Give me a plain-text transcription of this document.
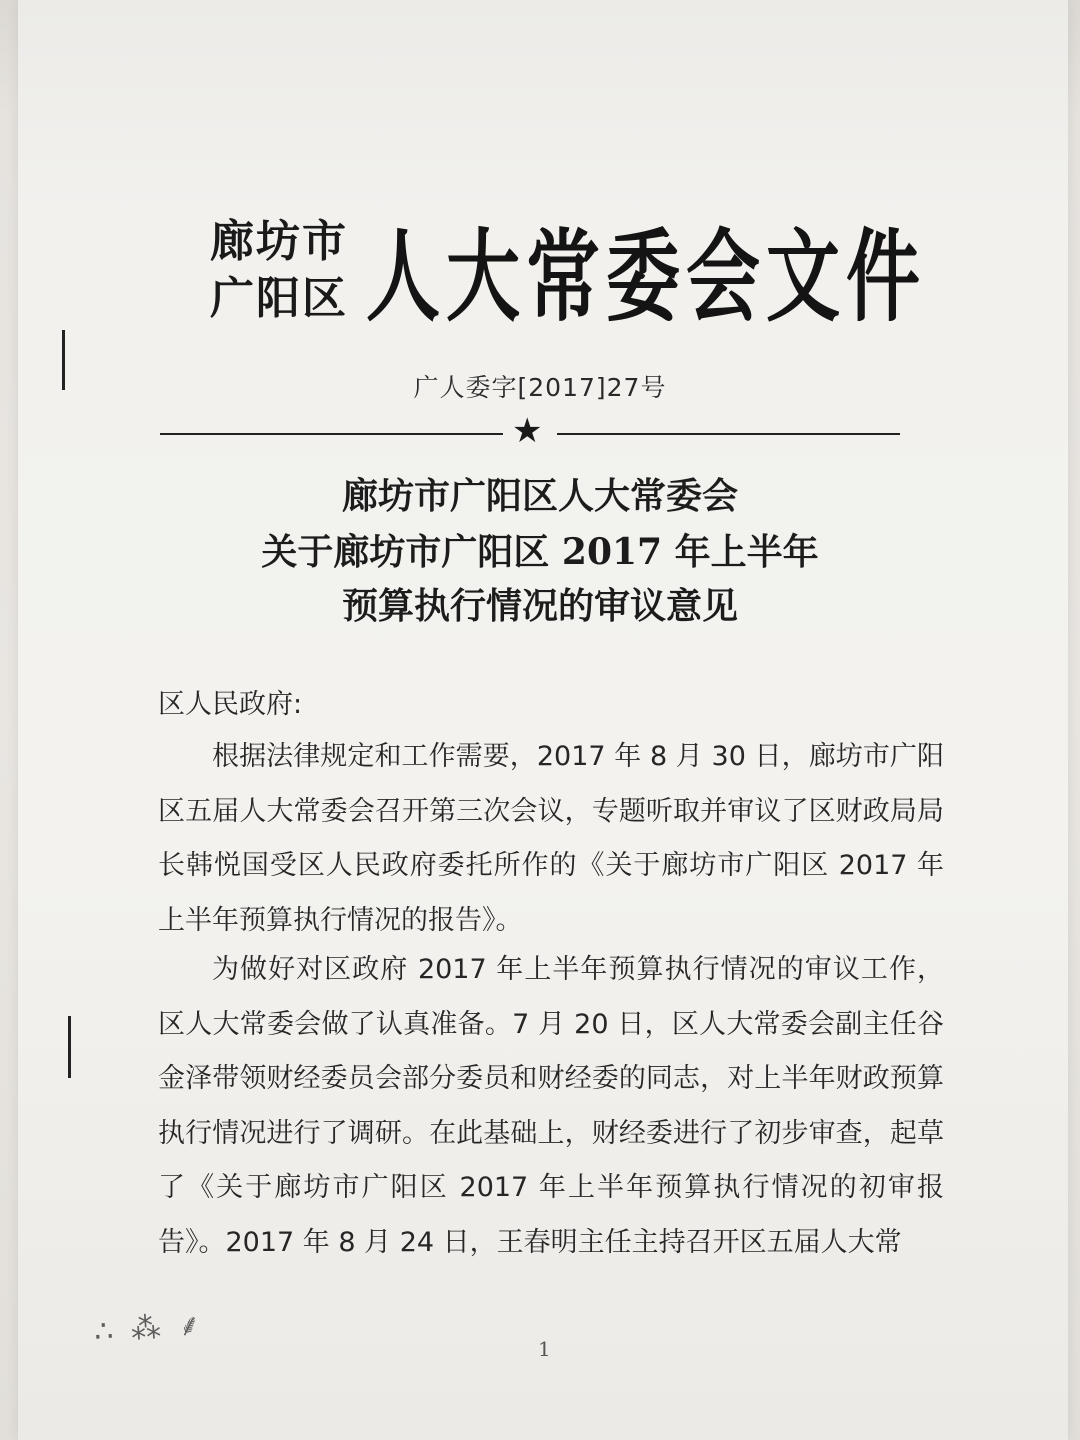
廊坊市
广阳区 人大常委会文件
广人委字[2017]27号
★
廊坊市广阳区人大常委会
关于廊坊市广阳区 2017 年上半年
预算执行情况的审议意见
区人民政府:
根据法律规定和工作需要，2017 年 8 月 30 日，廊坊市广阳区五届人大常委会召开第三次会议，专题听取并审议了区财政局局长韩悦国受区人民政府委托所作的《关于廊坊市广阳区 2017 年上半年预算执行情况的报告》。
为做好对区政府 2017 年上半年预算执行情况的审议工作，区人大常委会做了认真准备。7 月 20 日，区人大常委会副主任谷金泽带领财经委员会部分委员和财经委的同志，对上半年财政预算执行情况进行了调研。在此基础上，财经委进行了初步审查，起草了《关于廊坊市广阳区 2017 年上半年预算执行情况的初审报告》。2017 年 8 月 24 日，王春明主任主持召开区五届人大常
1
∴ ⁂ ⸙
